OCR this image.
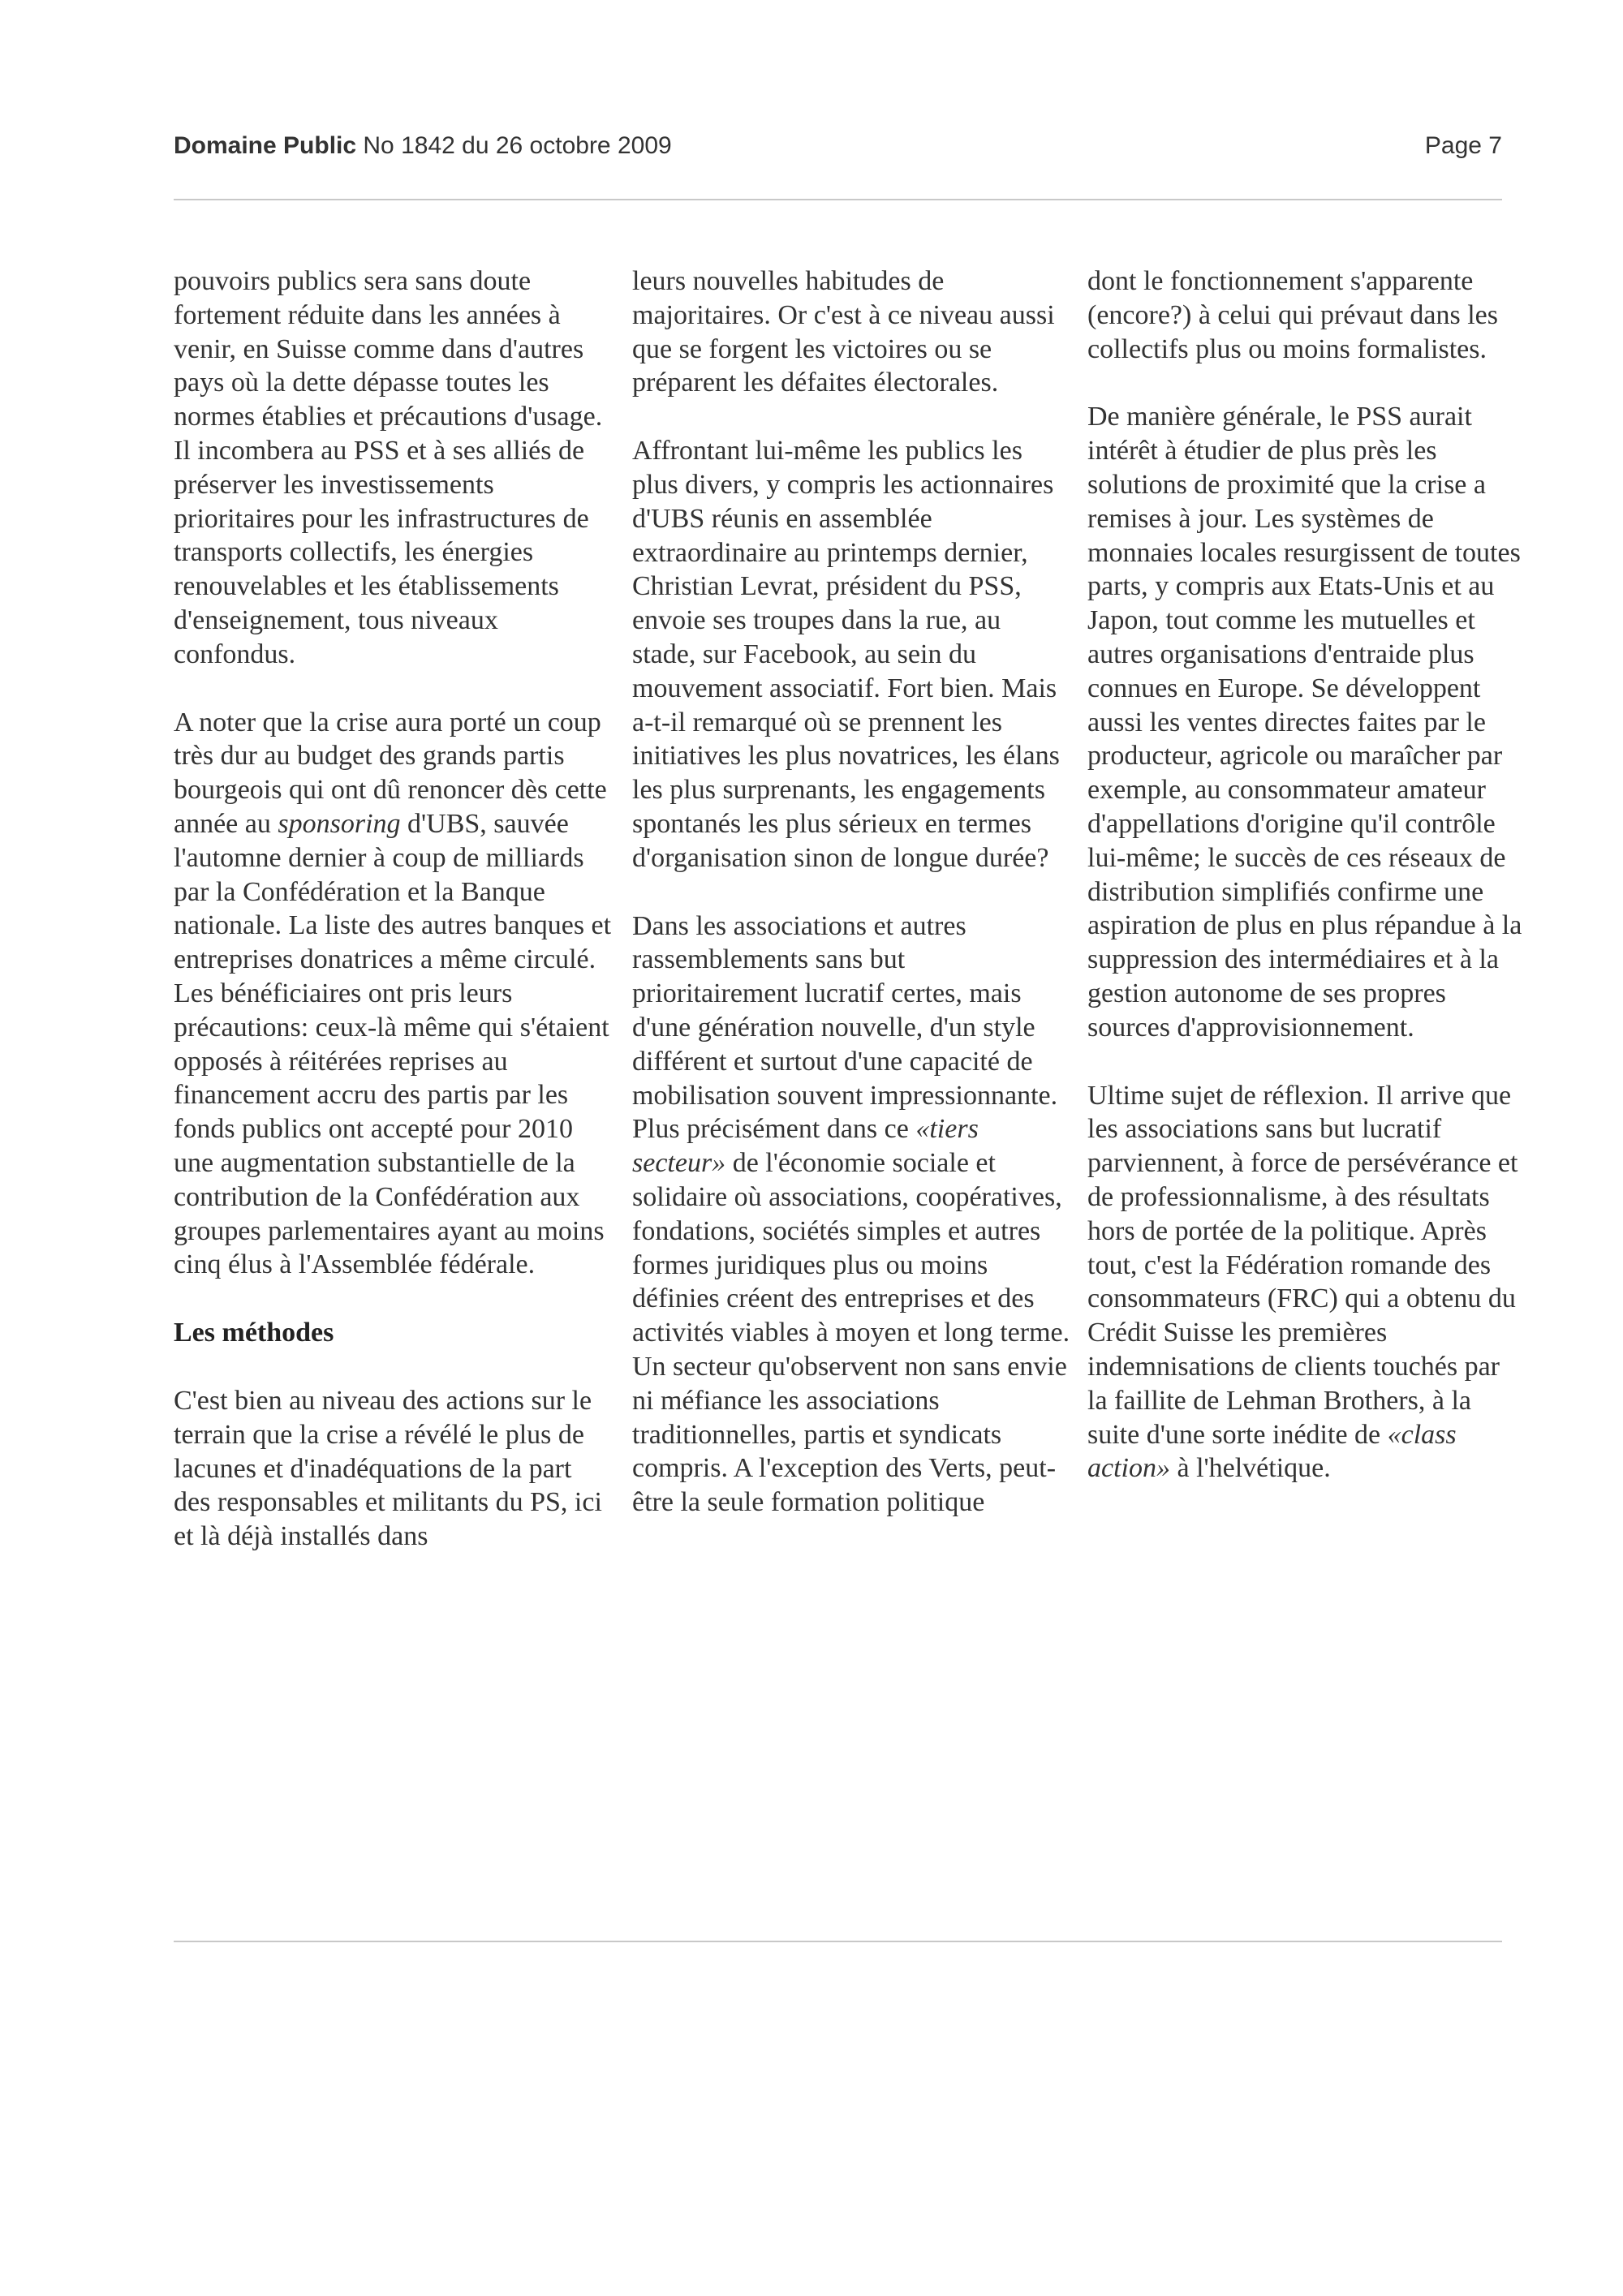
Domaine Public No 1842 du 26 octobre 2009	Page 7

pouvoirs publics sera sans doute fortement réduite dans les années à venir, en Suisse comme dans d'autres pays où la dette dépasse toutes les normes établies et précautions d'usage. Il incombera au PSS et à ses alliés de préserver les investissements prioritaires pour les infrastructures de transports collectifs, les énergies renouvelables et les établissements d'enseignement, tous niveaux confondus.

A noter que la crise aura porté un coup très dur au budget des grands partis bourgeois qui ont dû renoncer dès cette année au sponsoring d'UBS, sauvée l'automne dernier à coup de milliards par la Confédération et la Banque nationale. La liste des autres banques et entreprises donatrices a même circulé. Les bénéficiaires ont pris leurs précautions: ceux-là même qui s'étaient opposés à réitérées reprises au financement accru des partis par les fonds publics ont accepté pour 2010 une augmentation substantielle de la contribution de la Confédération aux groupes parlementaires ayant au moins cinq élus à l'Assemblée fédérale.

Les méthodes

C'est bien au niveau des actions sur le terrain que la crise a révélé le plus de lacunes et d'inadéquations de la part des responsables et militants du PS, ici et là déjà installés dans

leurs nouvelles habitudes de majoritaires. Or c'est à ce niveau aussi que se forgent les victoires ou se préparent les défaites électorales.

Affrontant lui-même les publics les plus divers, y compris les actionnaires d'UBS réunis en assemblée extraordinaire au printemps dernier, Christian Levrat, président du PSS, envoie ses troupes dans la rue, au stade, sur Facebook, au sein du mouvement associatif. Fort bien. Mais a-t-il remarqué où se prennent les initiatives les plus novatrices, les élans les plus surprenants, les engagements spontanés les plus sérieux en termes d'organisation sinon de longue durée?

Dans les associations et autres rassemblements sans but prioritairement lucratif certes, mais d'une génération nouvelle, d'un style différent et surtout d'une capacité de mobilisation souvent impressionnante. Plus précisément dans ce «tiers secteur» de l'économie sociale et solidaire où associations, coopératives, fondations, sociétés simples et autres formes juridiques plus ou moins définies créent des entreprises et des activités viables à moyen et long terme. Un secteur qu'observent non sans envie ni méfiance les associations traditionnelles, partis et syndicats compris. A l'exception des Verts, peut-être la seule formation politique

dont le fonctionnement s'apparente (encore?) à celui qui prévaut dans les collectifs plus ou moins formalistes.

De manière générale, le PSS aurait intérêt à étudier de plus près les solutions de proximité que la crise a remises à jour. Les systèmes de monnaies locales resurgissent de toutes parts, y compris aux Etats-Unis et au Japon, tout comme les mutuelles et autres organisations d'entraide plus connues en Europe. Se développent aussi les ventes directes faites par le producteur, agricole ou maraîcher par exemple, au consommateur amateur d'appellations d'origine qu'il contrôle lui-même; le succès de ces réseaux de distribution simplifiés confirme une aspiration de plus en plus répandue à la suppression des intermédiaires et à la gestion autonome de ses propres sources d'approvisionnement.

Ultime sujet de réflexion. Il arrive que les associations sans but lucratif parviennent, à force de persévérance et de professionnalisme, à des résultats hors de portée de la politique. Après tout, c'est la Fédération romande des consommateurs (FRC) qui a obtenu du Crédit Suisse les premières indemnisations de clients touchés par la faillite de Lehman Brothers, à la suite d'une sorte inédite de «class action» à l'helvétique.
